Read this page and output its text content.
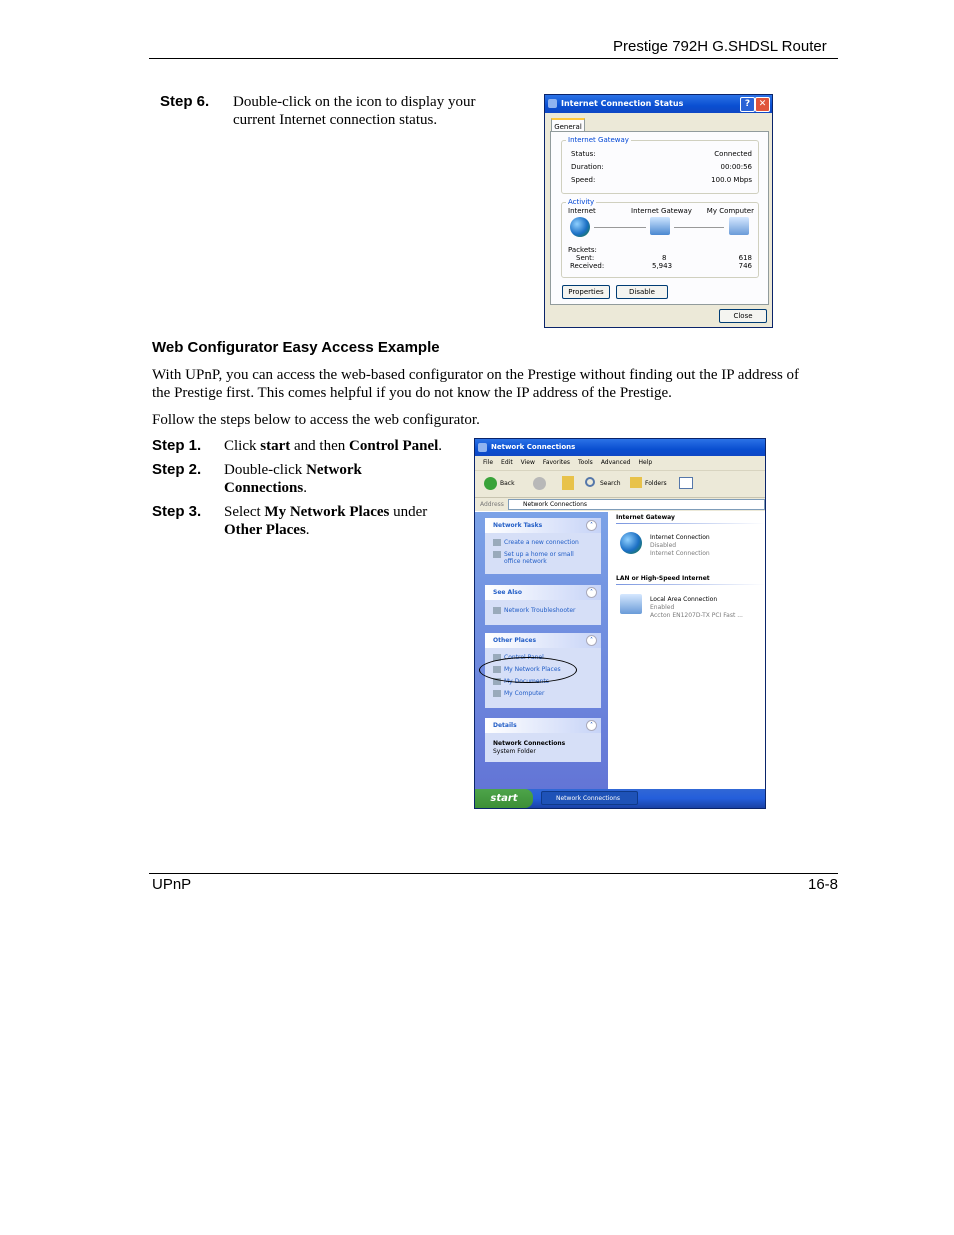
Prestige 792H G.SHDSL Router
Step 6. Double-click on the icon to display your
current Internet connection status.
Internet Connection Status	? ✕
General
Internet Gateway
Status:	Connected
Duration:	00:00:56
Speed:	100.0 Mbps
Activity
Internet	Internet Gateway My Computer
Packets:
Sent:	8	618
Received:	5,943	746
Properties	Disable
Close
Web Configurator Easy Access Example
With UPnP, you can access the web-based configurator on the Prestige without finding out the IP address of
the Prestige first. This comes helpful if you do not know the IP address of the Prestige.
Follow the steps below to access the web configurator.
Step 1. Click start and then Control Panel.
Step 2. Double-click Network
Connections.
Step 3. Select My Network Places under
Other Places.
Network Connections
File Edit View Favorites Tools Advanced Help
Back	Search	Folders
Address	Network Connections
Network Tasks	˄
Create a new connection
Set up a home or small
office network
See Also	˄
Network Troubleshooter
Other Places	˄
Control Panel
My Network Places
My Documents
My Computer
Details	˄
Network Connections
System Folder
Internet Gateway
Internet Connection
Disabled
Internet Connection
LAN or High-Speed Internet
Local Area Connection
Enabled
Accton EN1207D-TX PCI Fast ...
start	Network Connections
UPnP	16-8
